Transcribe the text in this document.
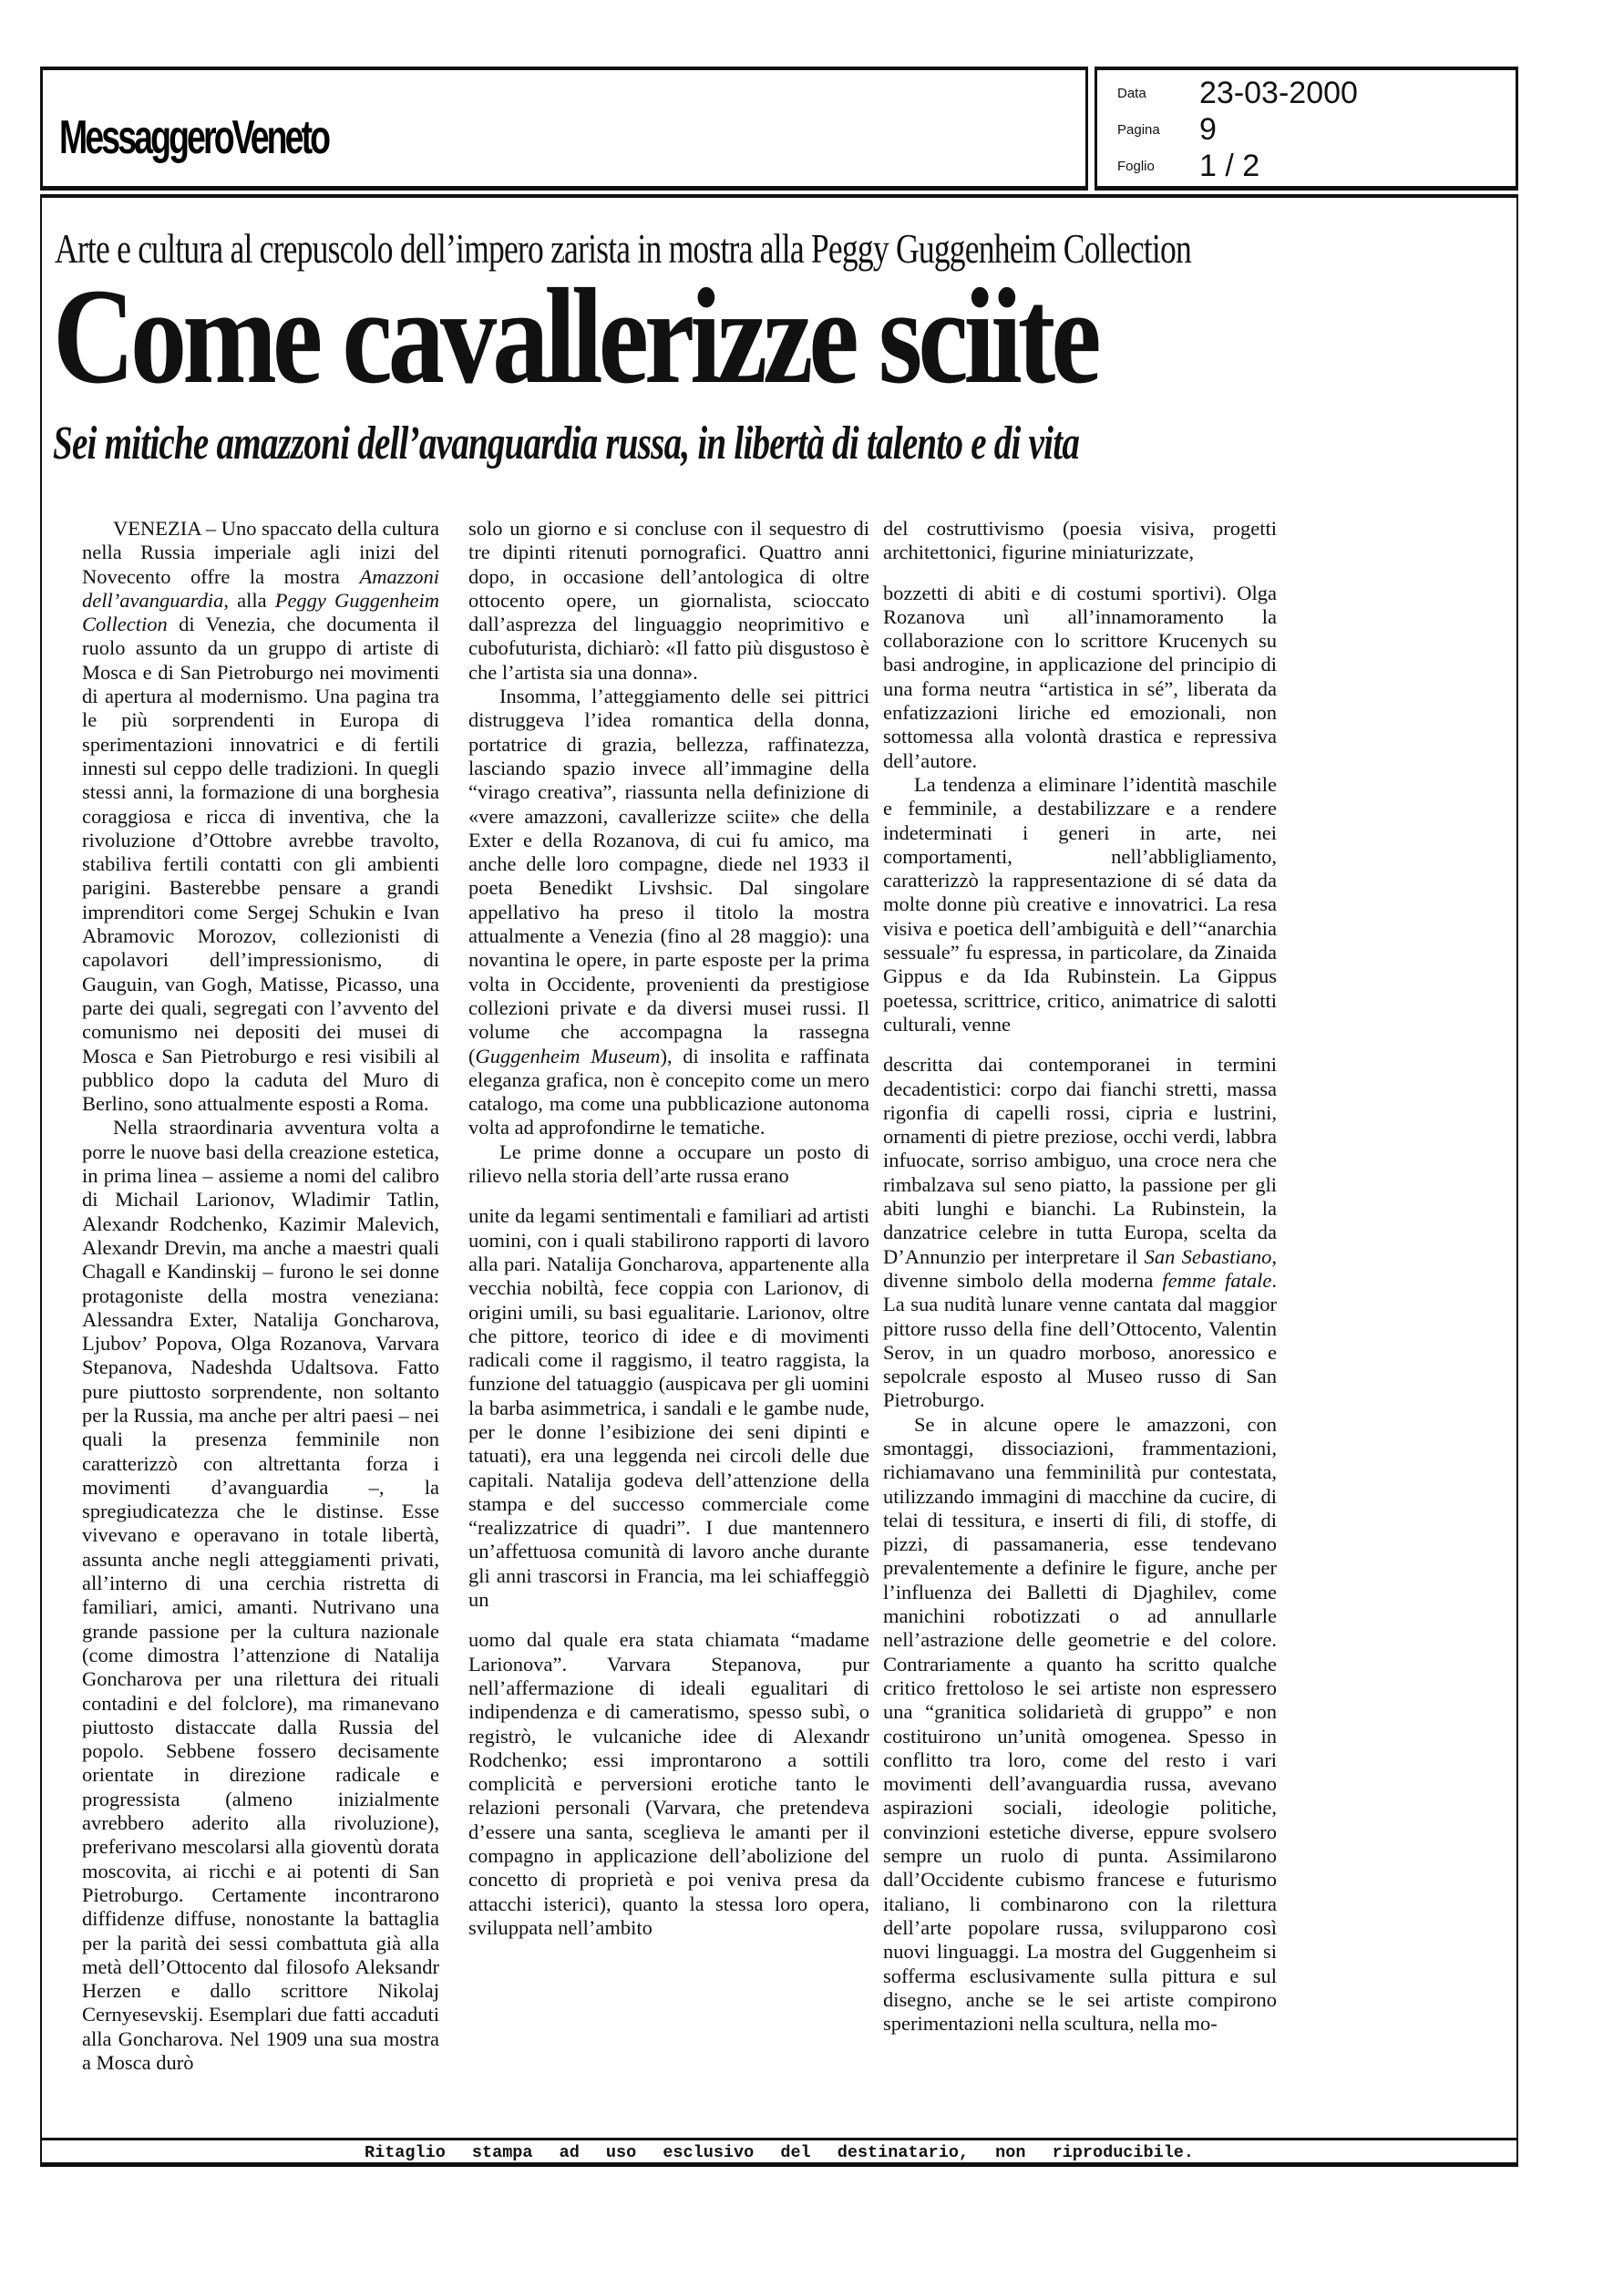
MessaggeroVeneto
Data 23-03-2000
Pagina 9
Foglio 1 / 2
Arte e cultura al crepuscolo dell’impero zarista in mostra alla Peggy Guggenheim Collection
Come cavallerizze sciite
Sei mitiche amazzoni dell’avanguardia russa, in libertà di talento e di vita

VENEZIA – Uno spaccato della cultura nella Russia imperiale agli inizi del Novecento offre la mostra Amazzoni dell’avanguardia, alla Peggy Guggenheim Collection di Venezia, che documenta il ruolo assunto da un gruppo di artiste di Mosca e di San Pietroburgo nei movimenti di apertura al modernismo. Una pagina tra le più sorprendenti in Europa di sperimentazioni innovatrici e di fertili innesti sul ceppo delle tradizioni. In quegli stessi anni, la formazione di una borghesia coraggiosa e ricca di inventiva, che la rivoluzione d’Ottobre avrebbe travolto, stabiliva fertili contatti con gli ambienti parigini. Basterebbe pensare a grandi imprenditori come Sergej Schukin e Ivan Abramovic Morozov, collezionisti di capolavori dell’impressionismo, di Gauguin, van Gogh, Matisse, Picasso, una parte dei quali, segregati con l’avvento del comunismo nei depositi dei musei di Mosca e San Pietroburgo e resi visibili al pubblico dopo la caduta del Muro di Berlino, sono attualmente esposti a Roma.

Nella straordinaria avventura volta a porre le nuove basi della creazione estetica, in prima linea – assieme a nomi del calibro di Michail Larionov, Wladimir Tatlin, Alexandr Rodchenko, Kazimir Malevich, Alexandr Drevin, ma anche a maestri quali Chagall e Kandinskij – furono le sei donne protagoniste della mostra veneziana: Alessandra Exter, Natalija Goncharova, Ljubov’ Popova, Olga Rozanova, Varvara Stepanova, Nadeshda Udaltsova. Fatto pure piuttosto sorprendente, non soltanto per la Russia, ma anche per altri paesi – nei quali la presenza femminile non caratterizzò con altrettanta forza i movimenti d’avanguardia –, la spregiudicatezza che le distinse. Esse vivevano e operavano in totale libertà, assunta anche negli atteggiamenti privati, all’interno di una cerchia ristretta di familiari, amici, amanti. Nutrivano una grande passione per la cultura nazionale (come dimostra l’attenzione di Natalija Goncharova per una rilettura dei rituali contadini e del folclore), ma rimanevano piuttosto distaccate dalla Russia del popolo. Sebbene fossero decisamente orientate in direzione radicale e progressista (almeno inizialmente avrebbero aderito alla rivoluzione), preferivano mescolarsi alla gioventù dorata moscovita, ai ricchi e ai potenti di San Pietroburgo. Certamente incontrarono diffidenze diffuse, nonostante la battaglia per la parità dei sessi combattuta già alla metà dell’Ottocento dal filosofo Aleksandr Herzen e dallo scrittore Nikolaj Cernyesevskij. Esemplari due fatti accaduti alla Goncharova. Nel 1909 una sua mostra a Mosca durò

solo un giorno e si concluse con il sequestro di tre dipinti ritenuti pornografici. Quattro anni dopo, in occasione dell’antologica di oltre ottocento opere, un giornalista, scioccato dall’asprezza del linguaggio neoprimitivo e cubofuturista, dichiarò: «Il fatto più disgustoso è che l’artista sia una donna».

Insomma, l’atteggiamento delle sei pittrici distruggeva l’idea romantica della donna, portatrice di grazia, bellezza, raffinatezza, lasciando spazio invece all’immagine della “virago creativa”, riassunta nella definizione di «vere amazzoni, cavallerizze sciite» che della Exter e della Rozanova, di cui fu amico, ma anche delle loro compagne, diede nel 1933 il poeta Benedikt Livshsic. Dal singolare appellativo ha preso il titolo la mostra attualmente a Venezia (fino al 28 maggio): una novantina le opere, in parte esposte per la prima volta in Occidente, provenienti da prestigiose collezioni private e da diversi musei russi. Il volume che accompagna la rassegna (Guggenheim Museum), di insolita e raffinata eleganza grafica, non è concepito come un mero catalogo, ma come una pubblicazione autonoma volta ad approfondirne le tematiche.

Le prime donne a occupare un posto di rilievo nella storia dell’arte russa erano

unite da legami sentimentali e familiari ad artisti uomini, con i quali stabilirono rapporti di lavoro alla pari. Natalija Goncharova, appartenente alla vecchia nobiltà, fece coppia con Larionov, di origini umili, su basi egualitarie. Larionov, oltre che pittore, teorico di idee e di movimenti radicali come il raggismo, il teatro raggista, la funzione del tatuaggio (auspicava per gli uomini la barba asimmetrica, i sandali e le gambe nude, per le donne l’esibizione dei seni dipinti e tatuati), era una leggenda nei circoli delle due capitali. Natalija godeva dell’attenzione della stampa e del successo commerciale come “realizzatrice di quadri”. I due mantennero un’affettuosa comunità di lavoro anche durante gli anni trascorsi in Francia, ma lei schiaffeggiò un

uomo dal quale era stata chiamata “madame Larionova”. Varvara Stepanova, pur nell’affermazione di ideali egualitari di indipendenza e di cameratismo, spesso subì, o registrò, le vulcaniche idee di Alexandr Rodchenko; essi improntarono a sottili complicità e perversioni erotiche tanto le relazioni personali (Varvara, che pretendeva d’essere una santa, sceglieva le amanti per il compagno in applicazione dell’abolizione del concetto di proprietà e poi veniva presa da attacchi isterici), quanto la stessa loro opera, sviluppata nell’ambito

del costruttivismo (poesia visiva, progetti architettonici, figurine miniaturizzate,

bozzetti di abiti e di costumi sportivi). Olga Rozanova unì all’innamoramento la collaborazione con lo scrittore Krucenych su basi androgine, in applicazione del principio di una forma neutra “artistica in sé”, liberata da enfatizzazioni liriche ed emozionali, non sottomessa alla volontà drastica e repressiva dell’autore.

La tendenza a eliminare l’identità maschile e femminile, a destabilizzare e a rendere indeterminati i generi in arte, nei comportamenti, nell’abbligliamento, caratterizzò la rappresentazione di sé data da molte donne più creative e innovatrici. La resa visiva e poetica dell’ambiguità e dell’“anarchia sessuale” fu espressa, in particolare, da Zinaida Gippus e da Ida Rubinstein. La Gippus poetessa, scrittrice, critico, animatrice di salotti culturali, venne

descritta dai contemporanei in termini decadentistici: corpo dai fianchi stretti, massa rigonfia di capelli rossi, cipria e lustrini, ornamenti di pietre preziose, occhi verdi, labbra infuocate, sorriso ambiguo, una croce nera che rimbalzava sul seno piatto, la passione per gli abiti lunghi e bianchi. La Rubinstein, la danzatrice celebre in tutta Europa, scelta da D’Annunzio per interpretare il San Sebastiano, divenne simbolo della moderna femme fatale. La sua nudità lunare venne cantata dal maggior pittore russo della fine dell’Ottocento, Valentin Serov, in un quadro morboso, anoressico e sepolcrale esposto al Museo russo di San Pietroburgo.

Se in alcune opere le amazzoni, con smontaggi, dissociazioni, frammentazioni, richiamavano una femminilità pur contestata, utilizzando immagini di macchine da cucire, di telai di tessitura, e inserti di fili, di stoffe, di pizzi, di passamaneria, esse tendevano prevalentemente a definire le figure, anche per l’influenza dei Balletti di Djaghilev, come manichini robotizzati o ad annullarle nell’astrazione delle geometrie e del colore. Contrariamente a quanto ha scritto qualche critico frettoloso le sei artiste non espressero una “granitica solidarietà di gruppo” e non costituirono un’unità omogenea. Spesso in conflitto tra loro, come del resto i vari movimenti dell’avanguardia russa, avevano aspirazioni sociali, ideologie politiche, convinzioni estetiche diverse, eppure svolsero sempre un ruolo di punta. Assimilarono dall’Occidente cubismo francese e futurismo italiano, li combinarono con la rilettura dell’arte popolare russa, svilupparono così nuovi linguaggi. La mostra del Guggenheim si sofferma esclusivamente sulla pittura e sul disegno, anche se le sei artiste compirono sperimentazioni nella scultura, nella mo-

Ritaglio stampa ad uso esclusivo del destinatario, non riproducibile.
